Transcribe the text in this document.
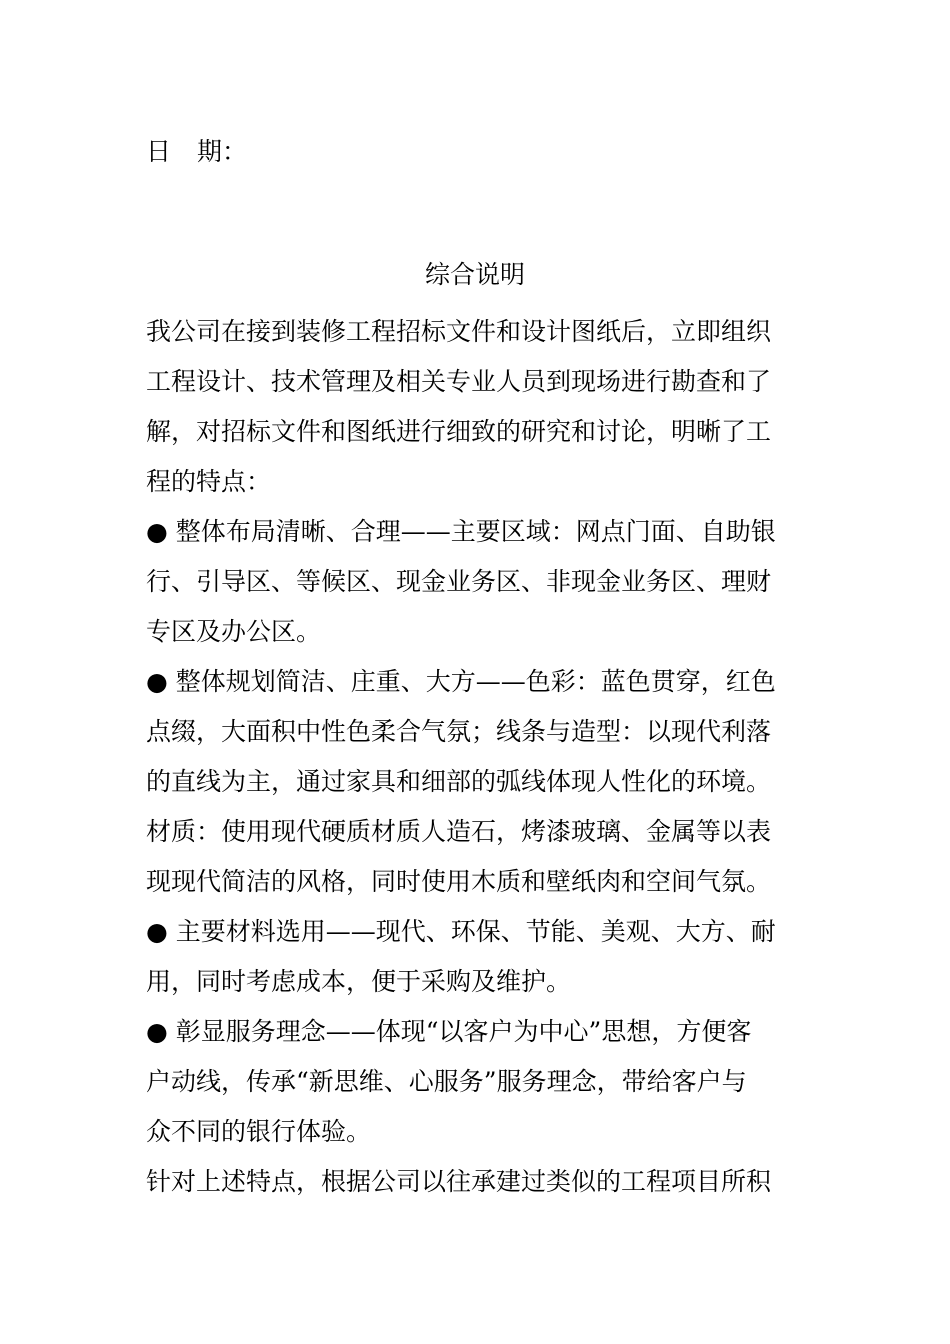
日 期：
综合说明
我公司在接到装修工程招标文件和设计图纸后，立即组织
工程设计、技术管理及相关专业人员到现场进行勘查和了
解，对招标文件和图纸进行细致的研究和讨论，明晰了工
程的特点：
● 整体布局清晰、合理——主要区域：网点门面、自助银
行、引导区、等候区、现金业务区、非现金业务区、理财
专区及办公区。
● 整体规划简洁、庄重、大方——色彩：蓝色贯穿，红色
点缀，大面积中性色柔合气氛；线条与造型：以现代利落
的直线为主，通过家具和细部的弧线体现人性化的环境。
材质：使用现代硬质材质人造石，烤漆玻璃、金属等以表
现现代简洁的风格，同时使用木质和壁纸肉和空间气氛。
● 主要材料选用——现代、环保、节能、美观、大方、耐
用，同时考虑成本，便于采购及维护。
● 彰显服务理念——体现“以客户为中心”思想，方便客
户动线，传承“新思维、心服务”服务理念，带给客户与
众不同的银行体验。
针对上述特点，根据公司以往承建过类似的工程项目所积
